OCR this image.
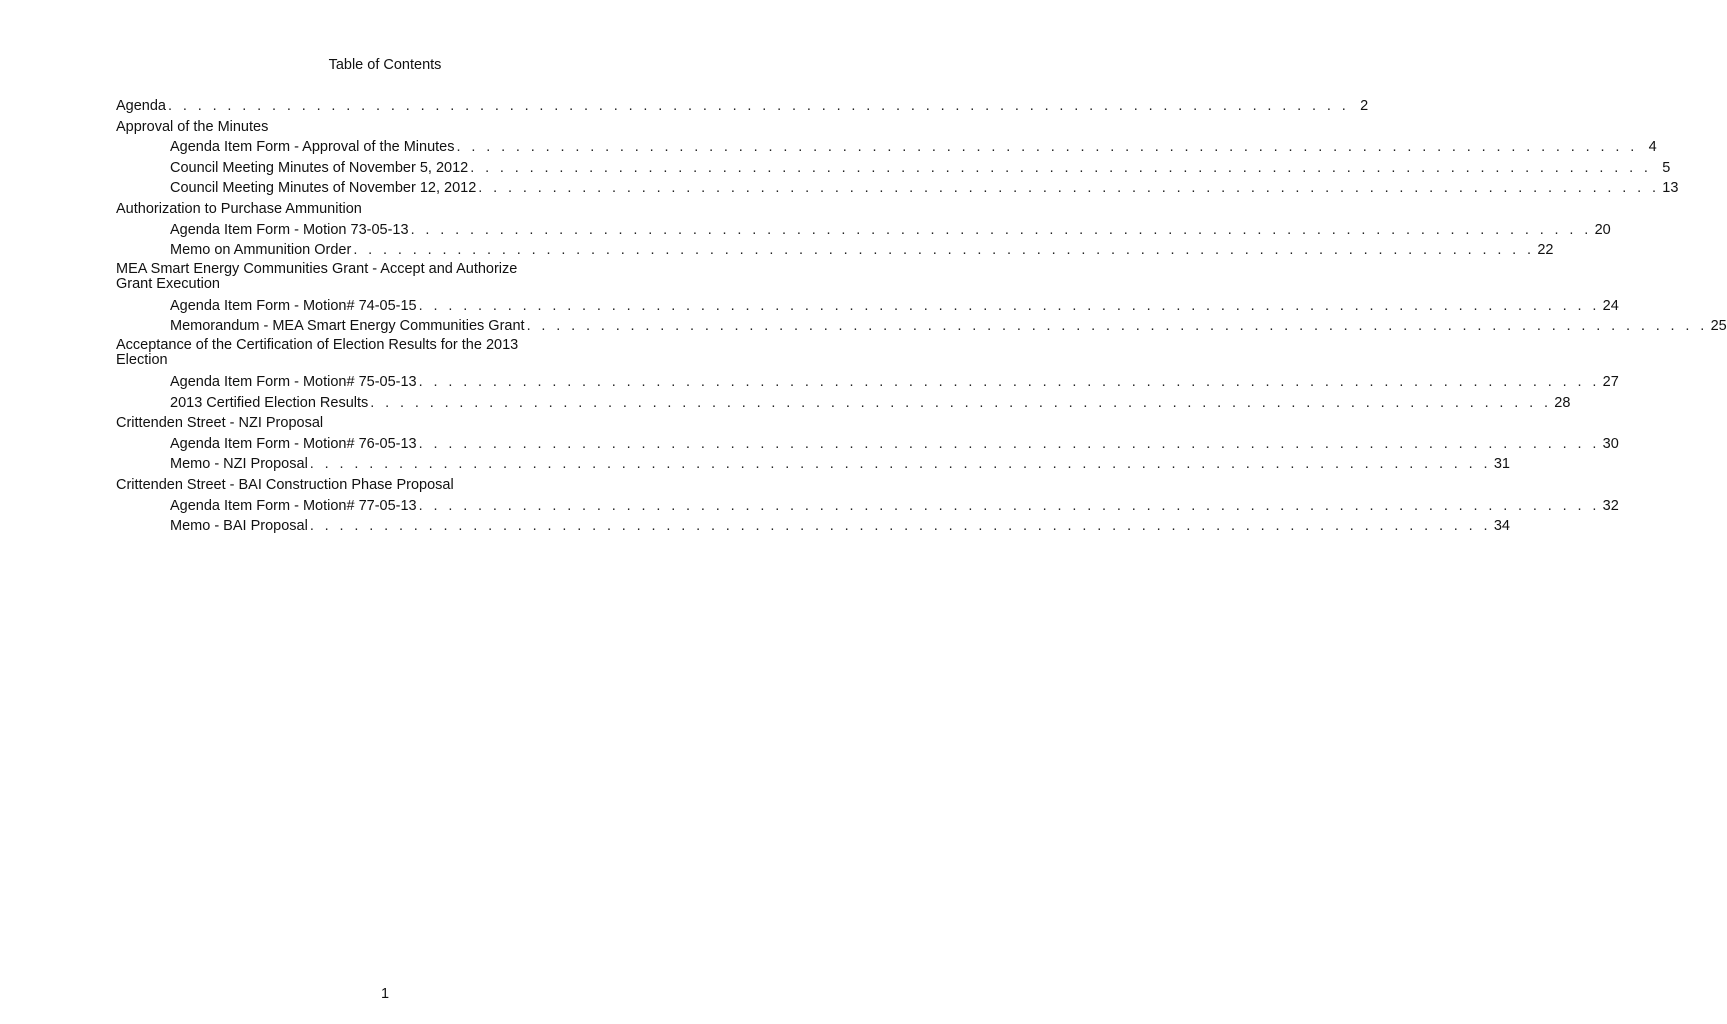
Table of Contents
Agenda . . . . . . . . . . . . . . . . . . . . . . . . . . . . . . . . . . . . . . . . . . . . . . . . . . . . . . . . . . . . . . . . . . . . . . . . . . . . . . . . 2
Approval of the Minutes
Agenda Item Form - Approval of the Minutes . . . . . . . . . . . . . . . . . . . . . . . . . . . . . . . . . . . . . . . . . . . . . . . . . . . . . . . . . . . . . . . . . . . . . . . . . . . . . . . . 4
Council Meeting Minutes of November 5, 2012 . . . . . . . . . . . . . . . . . . . . . . . . . . . . . . . . . . . . . . . . . . . . . . . . . . . . . . . . . . . . . . . . . . . . . . . . . . . . . . . . 5
Council Meeting Minutes of November 12, 2012 . . . . . . . . . . . . . . . . . . . . . . . . . . . . . . . . . . . . . . . . . . . . . . . . . . . . . . . . . . . . . . . . . . . . . . . . . . . . . . . . 13
Authorization to Purchase Ammunition
Agenda Item Form - Motion 73-05-13 . . . . . . . . . . . . . . . . . . . . . . . . . . . . . . . . . . . . . . . . . . . . . . . . . . . . . . . . . . . . . . . . . . . . . . . . . . . . . . . . 20
Memo on Ammunition Order . . . . . . . . . . . . . . . . . . . . . . . . . . . . . . . . . . . . . . . . . . . . . . . . . . . . . . . . . . . . . . . . . . . . . . . . . . . . . . . . 22
MEA Smart Energy Communities Grant - Accept and Authorize Grant Execution
Agenda Item Form - Motion# 74-05-15 . . . . . . . . . . . . . . . . . . . . . . . . . . . . . . . . . . . . . . . . . . . . . . . . . . . . . . . . . . . . . . . . . . . . . . . . . . . . . . . . 24
Memorandum - MEA Smart Energy Communities Grant . . . . . . . . . . . . . . . . . . . . . . . . . . . . . . . . . . . . . . . . . . . . . . . . . . . . . . . . . . . . . . . . . . . . . . . . . . . . . . . . 25
Acceptance of the Certification of Election Results for the 2013 Election
Agenda Item Form - Motion# 75-05-13 . . . . . . . . . . . . . . . . . . . . . . . . . . . . . . . . . . . . . . . . . . . . . . . . . . . . . . . . . . . . . . . . . . . . . . . . . . . . . . . . 27
2013 Certified Election Results . . . . . . . . . . . . . . . . . . . . . . . . . . . . . . . . . . . . . . . . . . . . . . . . . . . . . . . . . . . . . . . . . . . . . . . . . . . . . . . . 28
Crittenden Street - NZI Proposal
Agenda Item Form - Motion# 76-05-13 . . . . . . . . . . . . . . . . . . . . . . . . . . . . . . . . . . . . . . . . . . . . . . . . . . . . . . . . . . . . . . . . . . . . . . . . . . . . . . . . 30
Memo - NZI Proposal . . . . . . . . . . . . . . . . . . . . . . . . . . . . . . . . . . . . . . . . . . . . . . . . . . . . . . . . . . . . . . . . . . . . . . . . . . . . . . . . 31
Crittenden Street - BAI Construction Phase Proposal
Agenda Item Form - Motion# 77-05-13 . . . . . . . . . . . . . . . . . . . . . . . . . . . . . . . . . . . . . . . . . . . . . . . . . . . . . . . . . . . . . . . . . . . . . . . . . . . . . . . . 32
Memo - BAI Proposal . . . . . . . . . . . . . . . . . . . . . . . . . . . . . . . . . . . . . . . . . . . . . . . . . . . . . . . . . . . . . . . . . . . . . . . . . . . . . . . . 34
1
